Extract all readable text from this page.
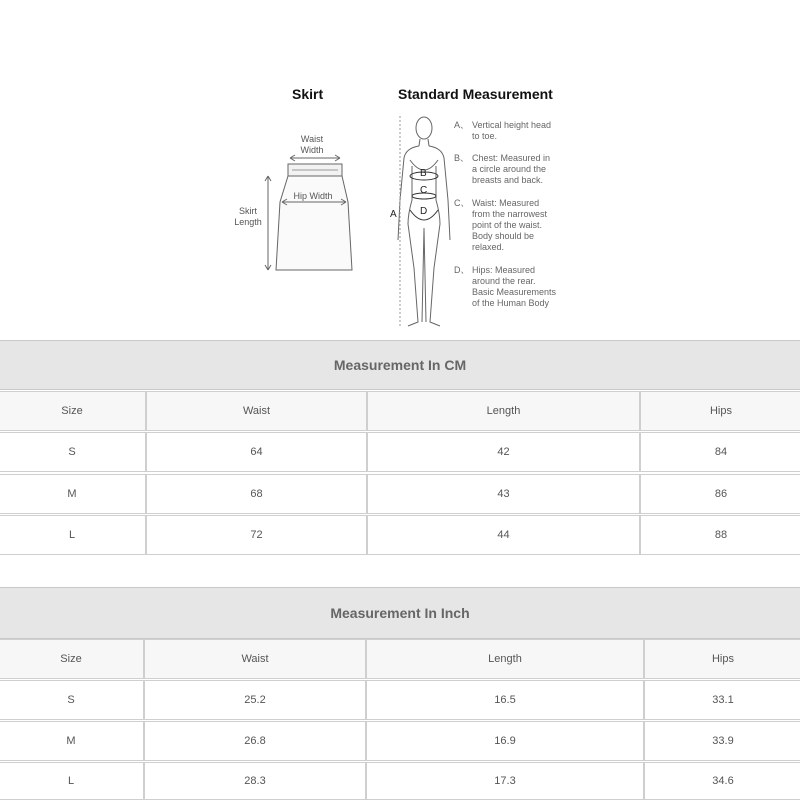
Skirt	Standard Measurement
Waist
Width
Hip Width
Skirt
Length
A
B
C
D
A、 Vertical height head
to toe.
B、 Chest: Measured in
a circle around the
breasts and back.
C、 Waist: Measured
from the narrowest
point of the waist.
Body should be
relaxed.
D、 Hips: Measured
around the rear.
Basic Measurements
of the Human Body
Measurement In CM
Size	Waist	Length	Hips
S	64	42	84
M	68	43	86
L	72	44	88
Measurement In Inch
Size	Waist	Length	Hips
S	25.2	16.5	33.1
M	26.8	16.9	33.9
L	28.3	17.3	34.6
